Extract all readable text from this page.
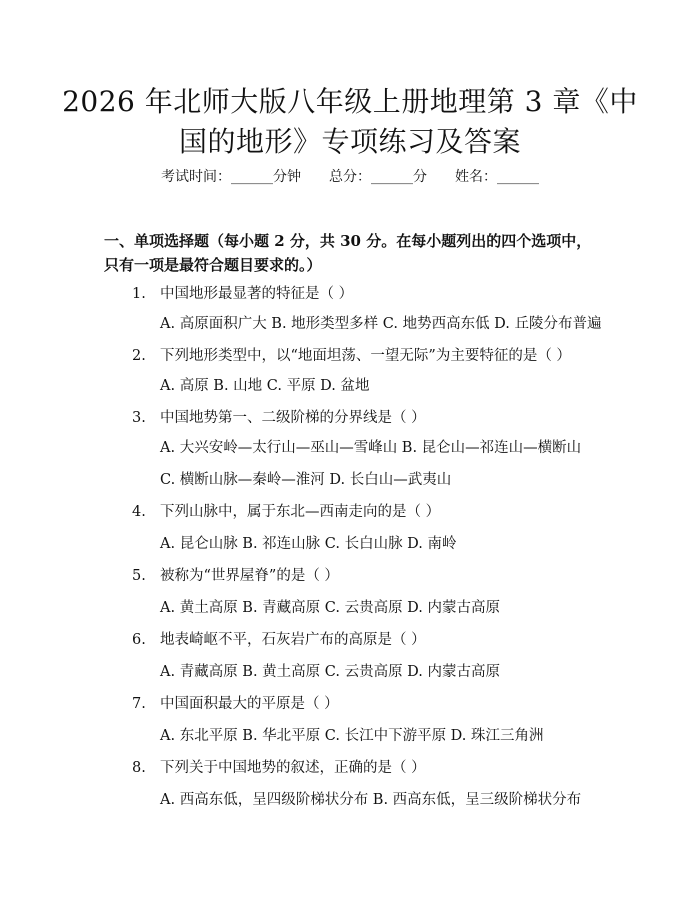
2026 年北师大版八年级上册地理第 3 章《中
国的地形》专项练习及答案
考试时间：______分钟 总分：______分 姓名：______

一、单项选择题（每小题 2 分，共 30 分。在每小题列出的四个选项中，只有一项是最符合题目要求的。）

1. 中国地形最显著的特征是（ ）
A. 高原面积广大 B. 地形类型多样 C. 地势西高东低 D. 丘陵分布普遍
2. 下列地形类型中，以“地面坦荡、一望无际”为主要特征的是（ ）
A. 高原 B. 山地 C. 平原 D. 盆地
3. 中国地势第一、二级阶梯的分界线是（ ）
A. 大兴安岭—太行山—巫山—雪峰山 B. 昆仑山—祁连山—横断山
C. 横断山脉—秦岭—淮河 D. 长白山—武夷山
4. 下列山脉中，属于东北—西南走向的是（ ）
A. 昆仑山脉 B. 祁连山脉 C. 长白山脉 D. 南岭
5. 被称为“世界屋脊”的是（ ）
A. 黄土高原 B. 青藏高原 C. 云贵高原 D. 内蒙古高原
6. 地表崎岖不平，石灰岩广布的高原是（ ）
A. 青藏高原 B. 黄土高原 C. 云贵高原 D. 内蒙古高原
7. 中国面积最大的平原是（ ）
A. 东北平原 B. 华北平原 C. 长江中下游平原 D. 珠江三角洲
8. 下列关于中国地势的叙述，正确的是（ ）
A. 西高东低，呈四级阶梯状分布 B. 西高东低，呈三级阶梯状分布
